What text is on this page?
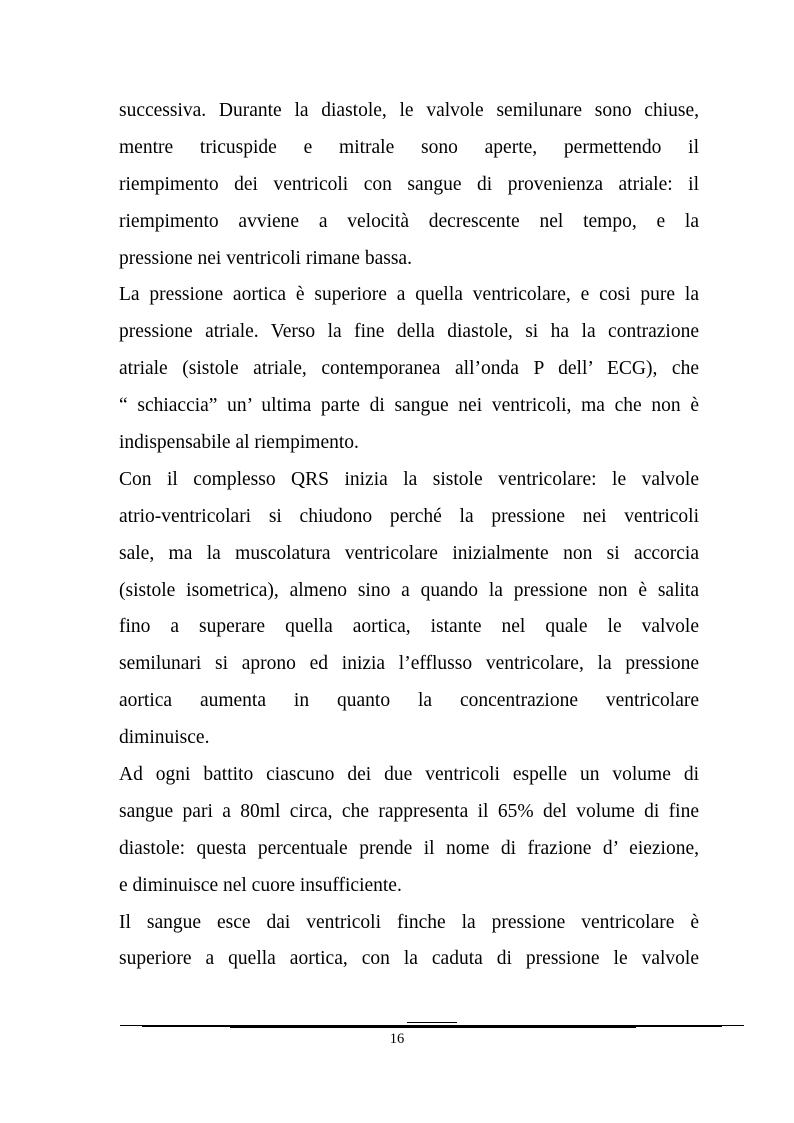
successiva. Durante la diastole, le valvole semilunare sono chiuse,
mentre tricuspide e mitrale sono aperte, permettendo il
riempimento dei ventricoli con sangue di provenienza atriale: il
riempimento avviene a velocità decrescente nel tempo, e la
pressione nei ventricoli rimane bassa.
La pressione aortica è superiore a quella ventricolare, e cosi pure la
pressione atriale. Verso la fine della diastole, si ha la contrazione
atriale (sistole atriale, contemporanea all’onda P dell’ ECG), che
“ schiaccia” un’ ultima parte di sangue nei ventricoli, ma che non è
indispensabile al riempimento.
Con il complesso QRS inizia la sistole ventricolare: le valvole
atrio-ventricolari si chiudono perché la pressione nei ventricoli
sale, ma la muscolatura ventricolare inizialmente non si accorcia
(sistole isometrica), almeno sino a quando la pressione non è salita
fino a superare quella aortica, istante nel quale le valvole
semilunari si aprono ed inizia l’efflusso ventricolare, la pressione
aortica aumenta in quanto la concentrazione ventricolare
diminuisce.
Ad ogni battito ciascuno dei due ventricoli espelle un volume di
sangue pari a 80ml circa, che rappresenta il 65% del volume di fine
diastole: questa percentuale prende il nome di frazione d’ eiezione,
e diminuisce nel cuore insufficiente.
Il sangue esce dai ventricoli finche la pressione ventricolare è
superiore a quella aortica, con la caduta di pressione le valvole
16
